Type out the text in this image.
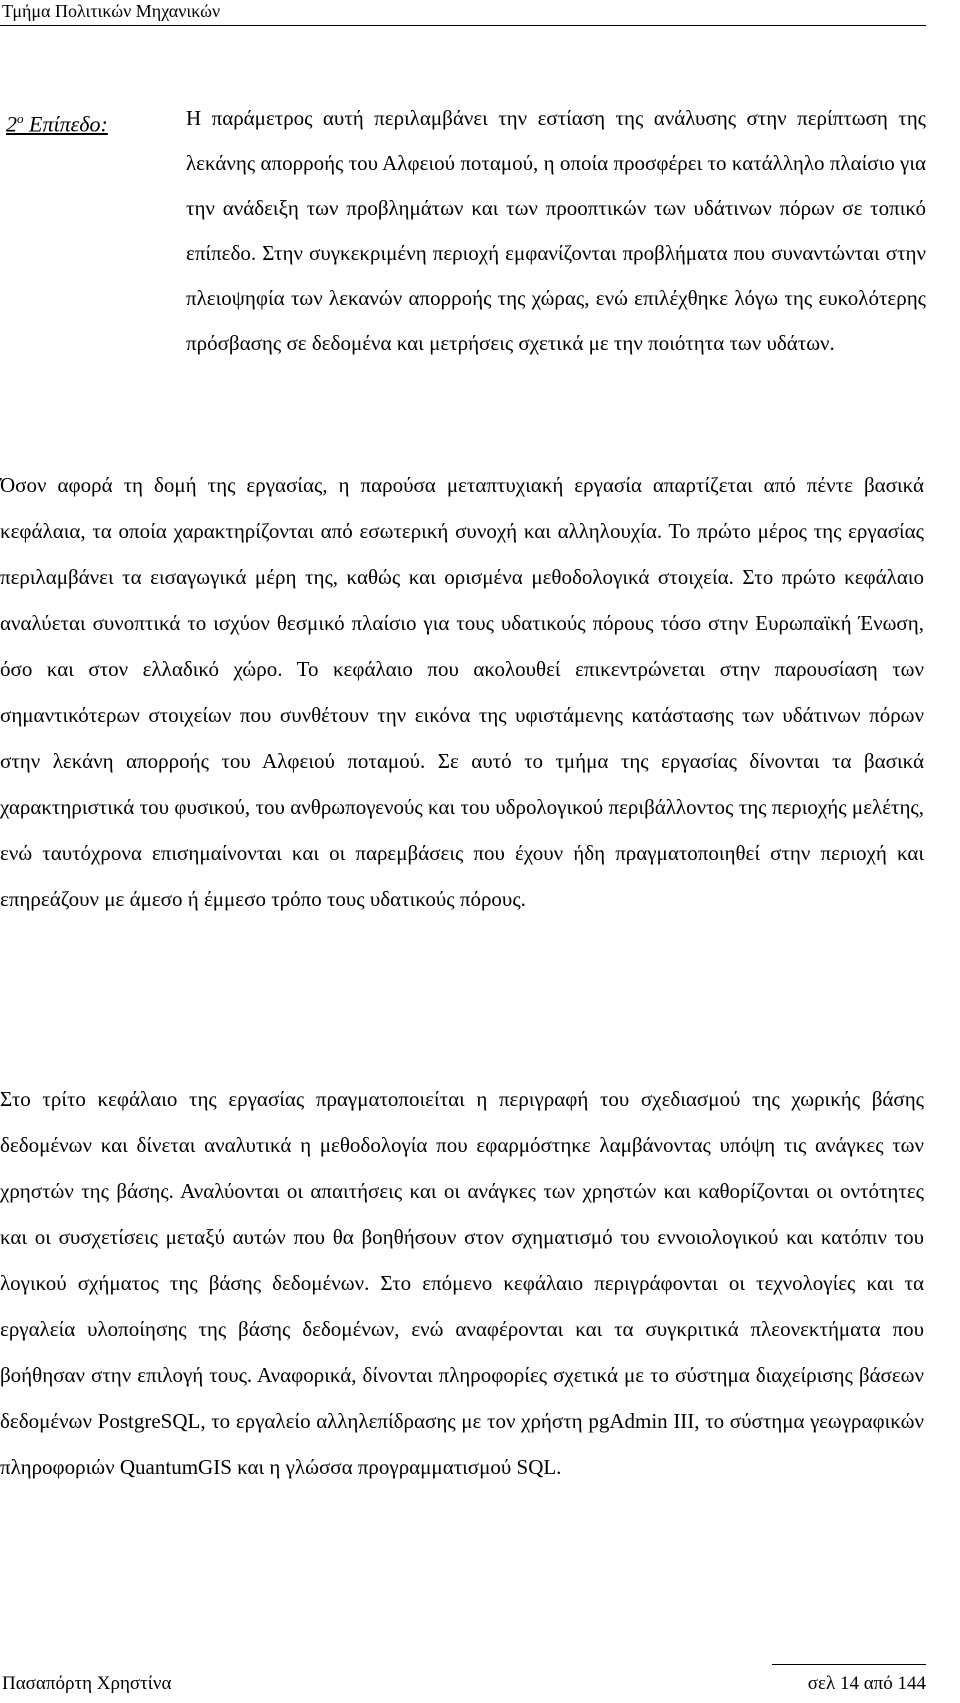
Τμήμα Πολιτικών Μηχανικών
$2^o$ Επίπεδο:	Η παράμετρος αυτή περιλαμβάνει την εστίαση της ανάλυσης στην περίπτωση της λεκάνης απορροής του Αλφειού ποταμού, η οποία προσφέρει το κατάλληλο πλαίσιο για την ανάδειξη των προβλημάτων και των προοπτικών των υδάτινων πόρων σε τοπικό επίπεδο. Στην συγκεκριμένη περιοχή εμφανίζονται προβλήματα που συναντώνται στην πλειοψηφία των λεκανών απορροής της χώρας, ενώ επιλέχθηκε λόγω της ευκολότερης πρόσβασης σε δεδομένα και μετρήσεις σχετικά με την ποιότητα των υδάτων.

Όσον αφορά τη δομή της εργασίας, η παρούσα μεταπτυχιακή εργασία απαρτίζεται από πέντε βασικά κεφάλαια, τα οποία χαρακτηρίζονται από εσωτερική συνοχή και αλληλουχία. Το πρώτο μέρος της εργασίας περιλαμβάνει τα εισαγωγικά μέρη της, καθώς και ορισμένα μεθοδολογικά στοιχεία. Στο πρώτο κεφάλαιο αναλύεται συνοπτικά το ισχύον θεσμικό πλαίσιο για τους υδατικούς πόρους τόσο στην Ευρωπαϊκή Ένωση, όσο και στον ελλαδικό χώρο. Το κεφάλαιο που ακολουθεί επικεντρώνεται στην παρουσίαση των σημαντικότερων στοιχείων που συνθέτουν την εικόνα της υφιστάμενης κατάστασης των υδάτινων πόρων στην λεκάνη απορροής του Αλφειού ποταμού. Σε αυτό το τμήμα της εργασίας δίνονται τα βασικά χαρακτηριστικά του φυσικού, του ανθρωπογενούς και του υδρολογικού περιβάλλοντος της περιοχής μελέτης, ενώ ταυτόχρονα επισημαίνονται και οι παρεμβάσεις που έχουν ήδη πραγματοποιηθεί στην περιοχή και επηρεάζουν με άμεσο ή έμμεσο τρόπο τους υδατικούς πόρους.

Στο τρίτο κεφάλαιο της εργασίας πραγματοποιείται η περιγραφή του σχεδιασμού της χωρικής βάσης δεδομένων και δίνεται αναλυτικά η μεθοδολογία που εφαρμόστηκε λαμβάνοντας υπόψη τις ανάγκες των χρηστών της βάσης. Αναλύονται οι απαιτήσεις και οι ανάγκες των χρηστών και καθορίζονται οι οντότητες και οι συσχετίσεις μεταξύ αυτών που θα βοηθήσουν στον σχηματισμό του εννοιολογικού και κατόπιν του λογικού σχήματος της βάσης δεδομένων. Στο επόμενο κεφάλαιο περιγράφονται οι τεχνολογίες και τα εργαλεία υλοποίησης της βάσης δεδομένων, ενώ αναφέρονται και τα συγκριτικά πλεονεκτήματα που βοήθησαν στην επιλογή τους. Αναφορικά, δίνονται πληροφορίες σχετικά με το σύστημα διαχείρισης βάσεων δεδομένων PostgreSQL, το εργαλείο αλληλεπίδρασης με τον χρήστη pgAdmin III, το σύστημα γεωγραφικών πληροφοριών QuantumGIS και η γλώσσα προγραμματισμού SQL.

Πασαπόρτη Χρηστίνα	σελ 14 από 144
